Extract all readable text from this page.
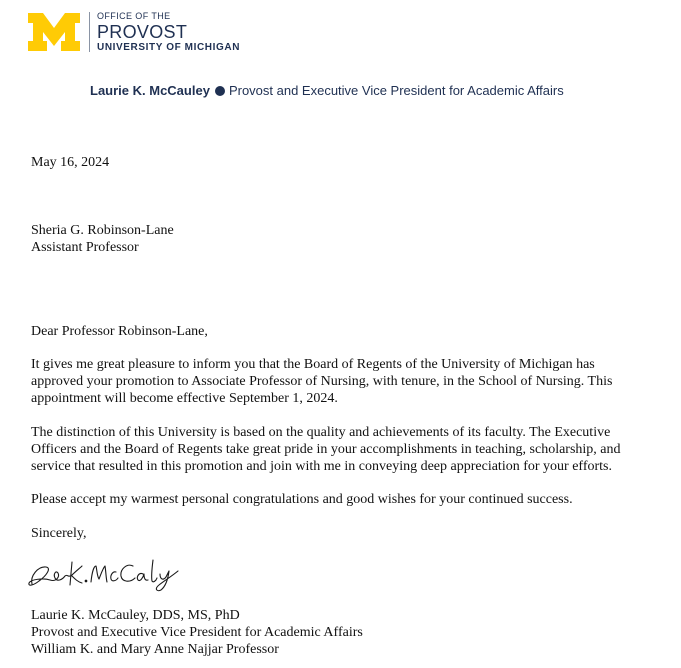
OFFICE OF THE
PROVOST
UNIVERSITY OF MICHIGAN
Laurie K. McCauley Provost and Executive Vice President for Academic Affairs
May 16, 2024
Sheria G. Robinson-Lane
Assistant Professor
Dear Professor Robinson-Lane,
It gives me great pleasure to inform you that the Board of Regents of the University of Michigan has
approved your promotion to Associate Professor of Nursing, with tenure, in the School of Nursing. This
appointment will become effective September 1, 2024.
The distinction of this University is based on the quality and achievements of its faculty. The Executive
Officers and the Board of Regents take great pride in your accomplishments in teaching, scholarship, and
service that resulted in this promotion and join with me in conveying deep appreciation for your efforts.
Please accept my warmest personal congratulations and good wishes for your continued success.
Sincerely,
Laurie K. McCauley, DDS, MS, PhD
Provost and Executive Vice President for Academic Affairs
William K. and Mary Anne Najjar Professor
